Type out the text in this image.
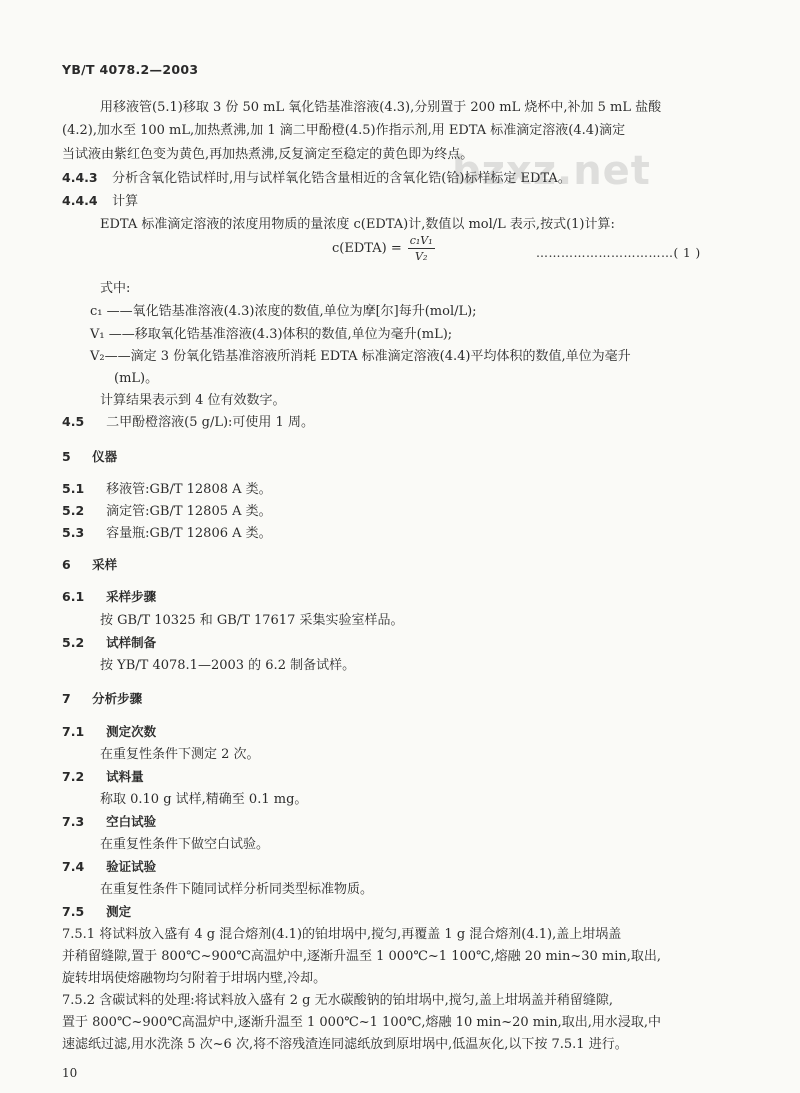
YB/T 4078.2—2003
bzxz.net
用移液管(5.1)移取 3 份 50 mL 氧化锆基准溶液(4.3),分别置于 200 mL 烧杯中,补加 5 mL 盐酸
(4.2),加水至 100 mL,加热煮沸,加 1 滴二甲酚橙(4.5)作指示剂,用 EDTA 标准滴定溶液(4.4)滴定
当试液由紫红色变为黄色,再加热煮沸,反复滴定至稳定的黄色即为终点。
4.4.3 分析含氧化锆试样时,用与试样氧化锆含量相近的含氧化锆(铪)标样标定 EDTA。
4.4.4 计算
EDTA 标准滴定溶液的浓度用物质的量浓度 c(EDTA)计,数值以 mol/L 表示,按式(1)计算:
c(EDTA) = $\frac{\text{c₁V₁}}{\text{V₂}}$	……………………………( 1 )
式中:
c₁ ——氧化锆基准溶液(4.3)浓度的数值,单位为摩[尔]每升(mol/L);
V₁ ——移取氧化锆基准溶液(4.3)体积的数值,单位为毫升(mL);
V₂——滴定 3 份氧化锆基准溶液所消耗 EDTA 标准滴定溶液(4.4)平均体积的数值,单位为毫升
(mL)。
计算结果表示到 4 位有效数字。
4.5 二甲酚橙溶液(5 g/L):可使用 1 周。
5 仪器
5.1 移液管:GB/T 12808 A 类。
5.2 滴定管:GB/T 12805 A 类。
5.3 容量瓶:GB/T 12806 A 类。
6 采样
6.1 采样步骤
按 GB/T 10325 和 GB/T 17617 采集实验室样品。
5.2 试样制备
按 YB/T 4078.1—2003 的 6.2 制备试样。
7 分析步骤
7.1 测定次数
在重复性条件下测定 2 次。
7.2 试料量
称取 0.10 g 试样,精确至 0.1 mg。
7.3 空白试验
在重复性条件下做空白试验。
7.4 验证试验
在重复性条件下随同试样分析同类型标准物质。
7.5 测定
7.5.1 将试料放入盛有 4 g 混合熔剂(4.1)的铂坩埚中,搅匀,再覆盖 1 g 混合熔剂(4.1),盖上坩埚盖
并稍留缝隙,置于 800℃~900℃高温炉中,逐渐升温至 1 000℃~1 100℃,熔融 20 min~30 min,取出,
旋转坩埚使熔融物均匀附着于坩埚内壁,冷却。
7.5.2 含碳试料的处理:将试料放入盛有 2 g 无水碳酸钠的铂坩埚中,搅匀,盖上坩埚盖并稍留缝隙,
置于 800℃~900℃高温炉中,逐渐升温至 1 000℃~1 100℃,熔融 10 min~20 min,取出,用水浸取,中
速滤纸过滤,用水洗涤 5 次~6 次,将不溶残渣连同滤纸放到原坩埚中,低温灰化,以下按 7.5.1 进行。
10
